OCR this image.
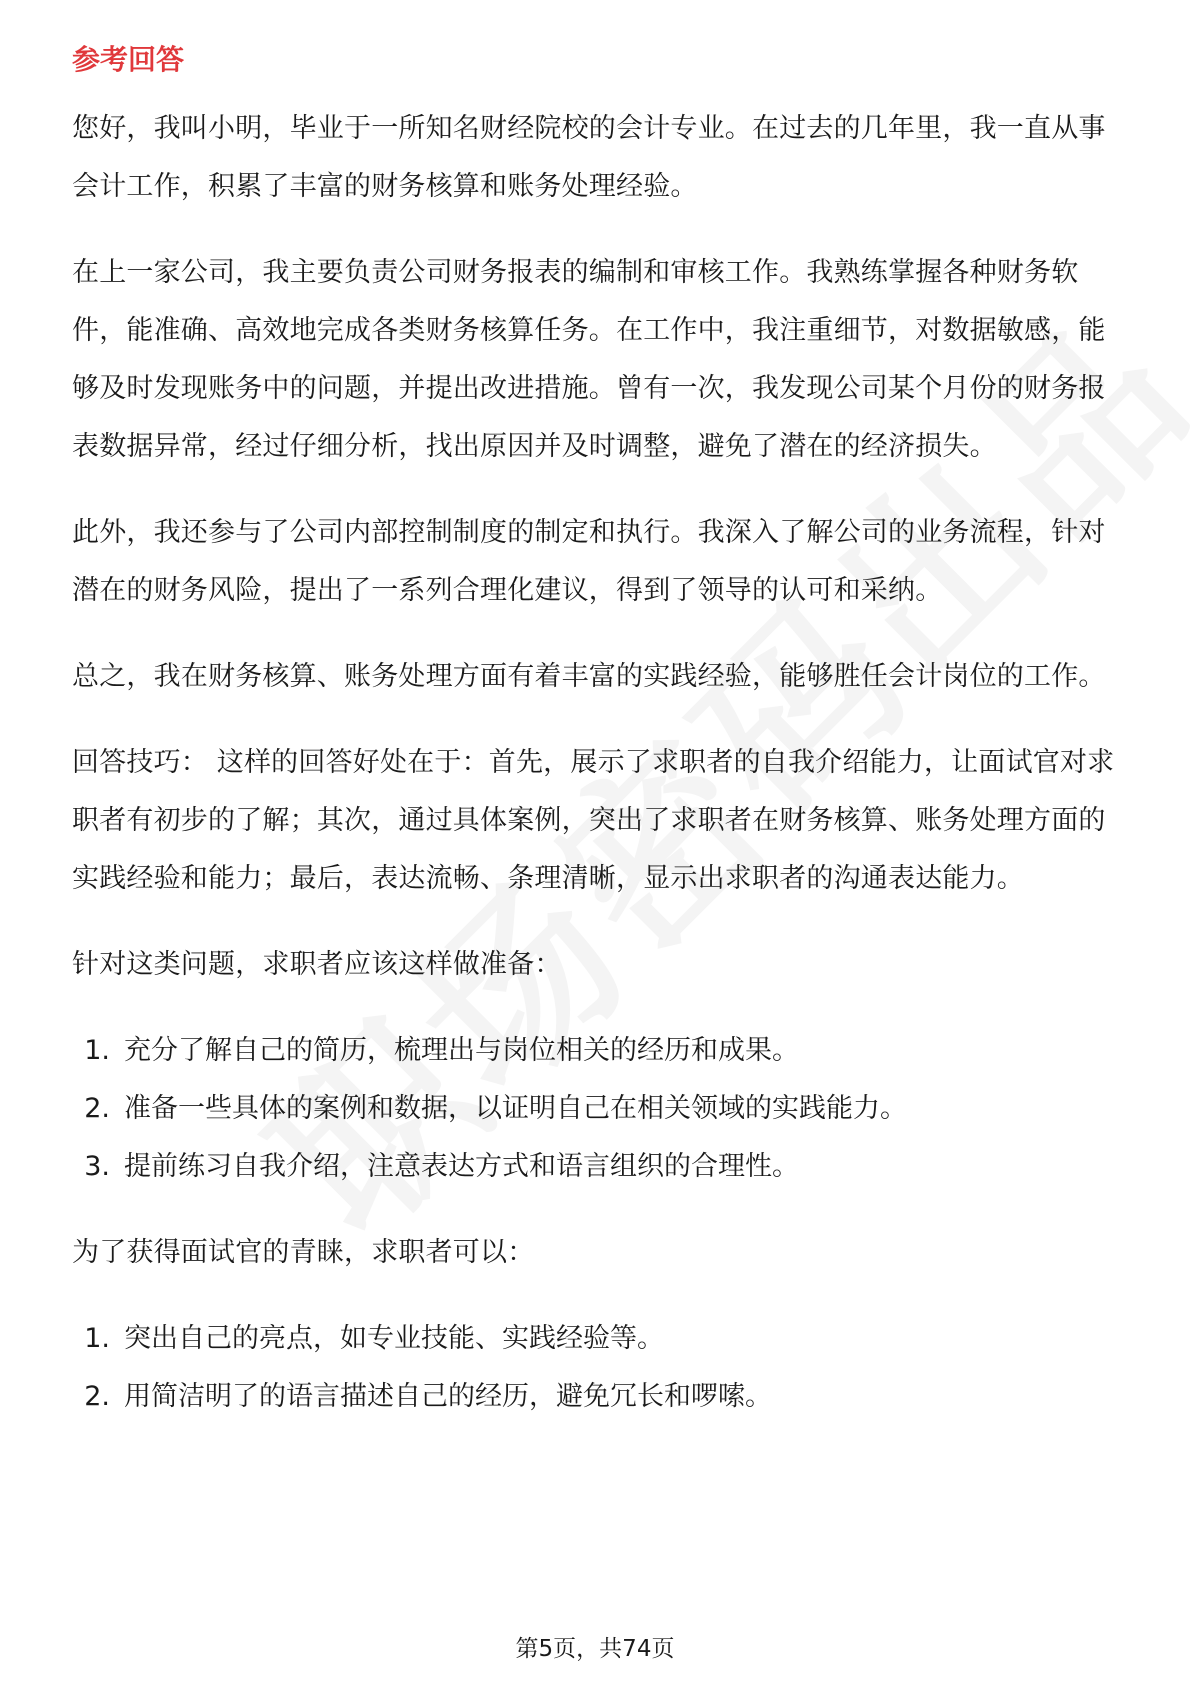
参考回答

您好，我叫小明，毕业于一所知名财经院校的会计专业。在过去的几年里，我一直从事会计工作，积累了丰富的财务核算和账务处理经验。

在上一家公司，我主要负责公司财务报表的编制和审核工作。我熟练掌握各种财务软件，能准确、高效地完成各类财务核算任务。在工作中，我注重细节，对数据敏感，能够及时发现账务中的问题，并提出改进措施。曾有一次，我发现公司某个月份的财务报表数据异常，经过仔细分析，找出原因并及时调整，避免了潜在的经济损失。

此外，我还参与了公司内部控制制度的制定和执行。我深入了解公司的业务流程，针对潜在的财务风险，提出了一系列合理化建议，得到了领导的认可和采纳。

总之，我在财务核算、账务处理方面有着丰富的实践经验，能够胜任会计岗位的工作。

回答技巧： 这样的回答好处在于：首先，展示了求职者的自我介绍能力，让面试官对求职者有初步的了解；其次，通过具体案例，突出了求职者在财务核算、账务处理方面的实践经验和能力；最后，表达流畅、条理清晰，显示出求职者的沟通表达能力。

针对这类问题，求职者应该这样做准备：

1. 充分了解自己的简历，梳理出与岗位相关的经历和成果。
2. 准备一些具体的案例和数据，以证明自己在相关领域的实践能力。
3. 提前练习自我介绍，注意表达方式和语言组织的合理性。

为了获得面试官的青睐，求职者可以：

1. 突出自己的亮点，如专业技能、实践经验等。
2. 用简洁明了的语言描述自己的经历，避免冗长和啰嗦。
第5页，共74页
